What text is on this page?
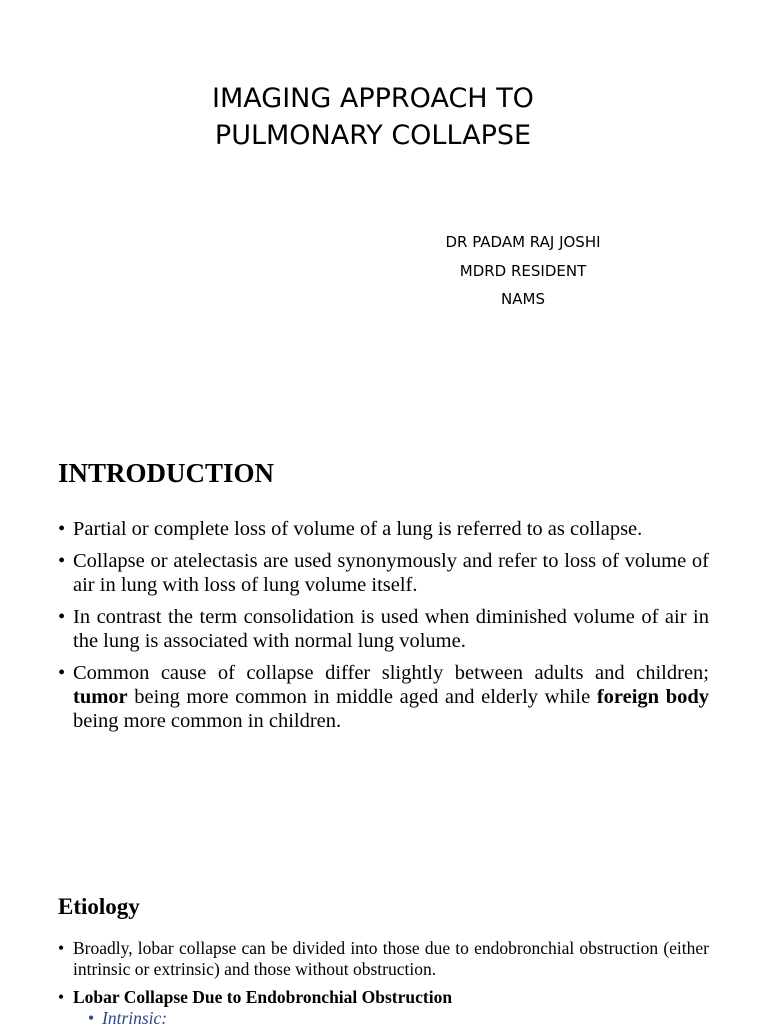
IMAGING APPROACH TO
PULMONARY COLLAPSE
DR PADAM RAJ JOSHI
MDRD RESIDENT
NAMS
INTRODUCTION
• Partial or complete loss of volume of a lung is referred to as collapse.
• Collapse or atelectasis are used synonymously and refer to loss of volume of air in lung with loss of lung volume itself.
• In contrast the term consolidation is used when diminished volume of air in the lung is associated with normal lung volume.
• Common cause of collapse differ slightly between adults and children; tumor being more common in middle aged and elderly while foreign body being more common in children.
Etiology
• Broadly, lobar collapse can be divided into those due to endobronchial obstruction (either intrinsic or extrinsic) and those without obstruction.
• Lobar Collapse Due to Endobronchial Obstruction
• Intrinsic:
